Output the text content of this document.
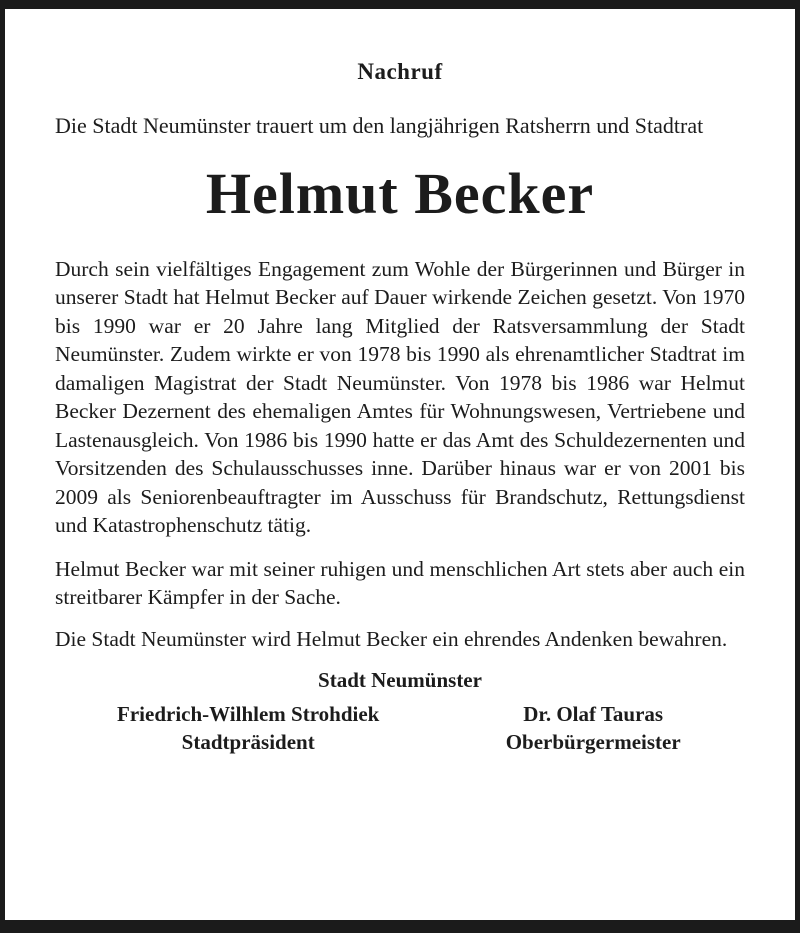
Nachruf

Die Stadt Neumünster trauert um den langjährigen Ratsherrn und Stadtrat

Helmut Becker

Durch sein vielfältiges Engagement zum Wohle der Bürgerinnen und Bürger in unserer Stadt hat Helmut Becker auf Dauer wirkende Zeichen gesetzt. Von 1970 bis 1990 war er 20 Jahre lang Mitglied der Ratsversammlung der Stadt Neumünster. Zudem wirkte er von 1978 bis 1990 als ehrenamtlicher Stadtrat im damaligen Magistrat der Stadt Neumünster. Von 1978 bis 1986 war Helmut Becker Dezernent des ehemaligen Amtes für Wohnungswesen, Vertriebene und Lastenausgleich. Von 1986 bis 1990 hatte er das Amt des Schuldezernenten und Vorsitzenden des Schulausschusses inne. Darüber hinaus war er von 2001 bis 2009 als Seniorenbeauftragter im Ausschuss für Brandschutz, Rettungsdienst und Katastrophenschutz tätig.

Helmut Becker war mit seiner ruhigen und menschlichen Art stets aber auch ein streitbarer Kämpfer in der Sache.

Die Stadt Neumünster wird Helmut Becker ein ehrendes Andenken bewahren.

Stadt Neumünster
Friedrich-Wilhlem Strohdiek
Stadtpräsident
Dr. Olaf Tauras
Oberbürgermeister
